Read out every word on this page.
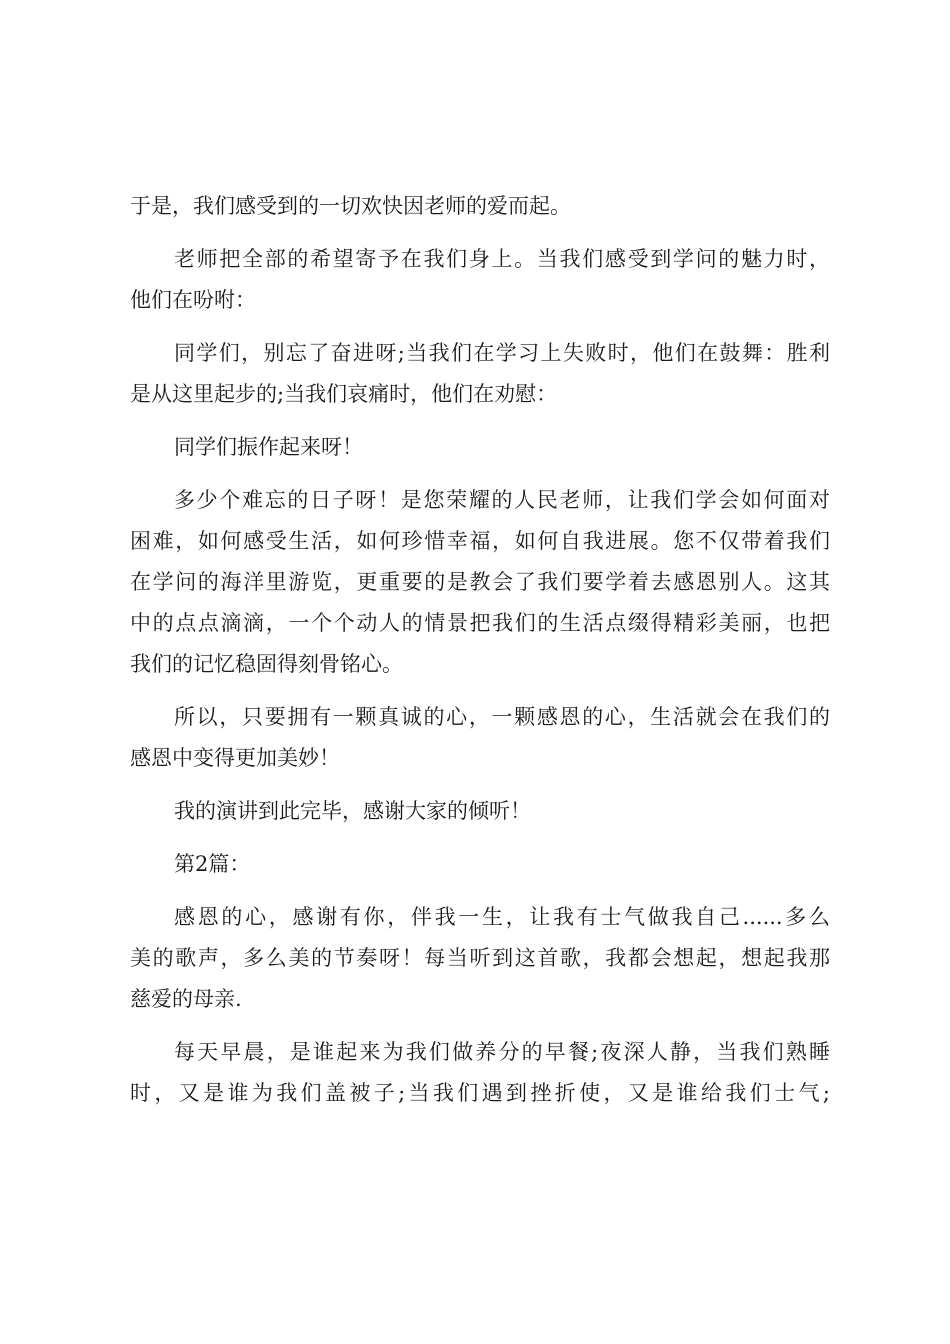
于是，我们感受到的一切欢快因老师的爱而起。
老师把全部的希望寄予在我们身上。当我们感受到学问的魅力时，
他们在吩咐：
同学们，别忘了奋进呀;当我们在学习上失败时，他们在鼓舞：胜利
是从这里起步的;当我们哀痛时，他们在劝慰：
同学们振作起来呀！
多少个难忘的日子呀！是您荣耀的人民老师，让我们学会如何面对
困难，如何感受生活，如何珍惜幸福，如何自我进展。您不仅带着我们
在学问的海洋里游览，更重要的是教会了我们要学着去感恩别人。这其
中的点点滴滴，一个个动人的情景把我们的生活点缀得精彩美丽，也把
我们的记忆稳固得刻骨铭心。
所以，只要拥有一颗真诚的心，一颗感恩的心，生活就会在我们的
感恩中变得更加美妙！
我的演讲到此完毕，感谢大家的倾听！
第2篇：
感恩的心，感谢有你，伴我一生，让我有士气做我自己......多么
美的歌声，多么美的节奏呀！每当听到这首歌，我都会想起，想起我那
慈爱的母亲.
每天早晨，是谁起来为我们做养分的早餐;夜深人静，当我们熟睡
时，又是谁为我们盖被子;当我们遇到挫折使，又是谁给我们士气;
